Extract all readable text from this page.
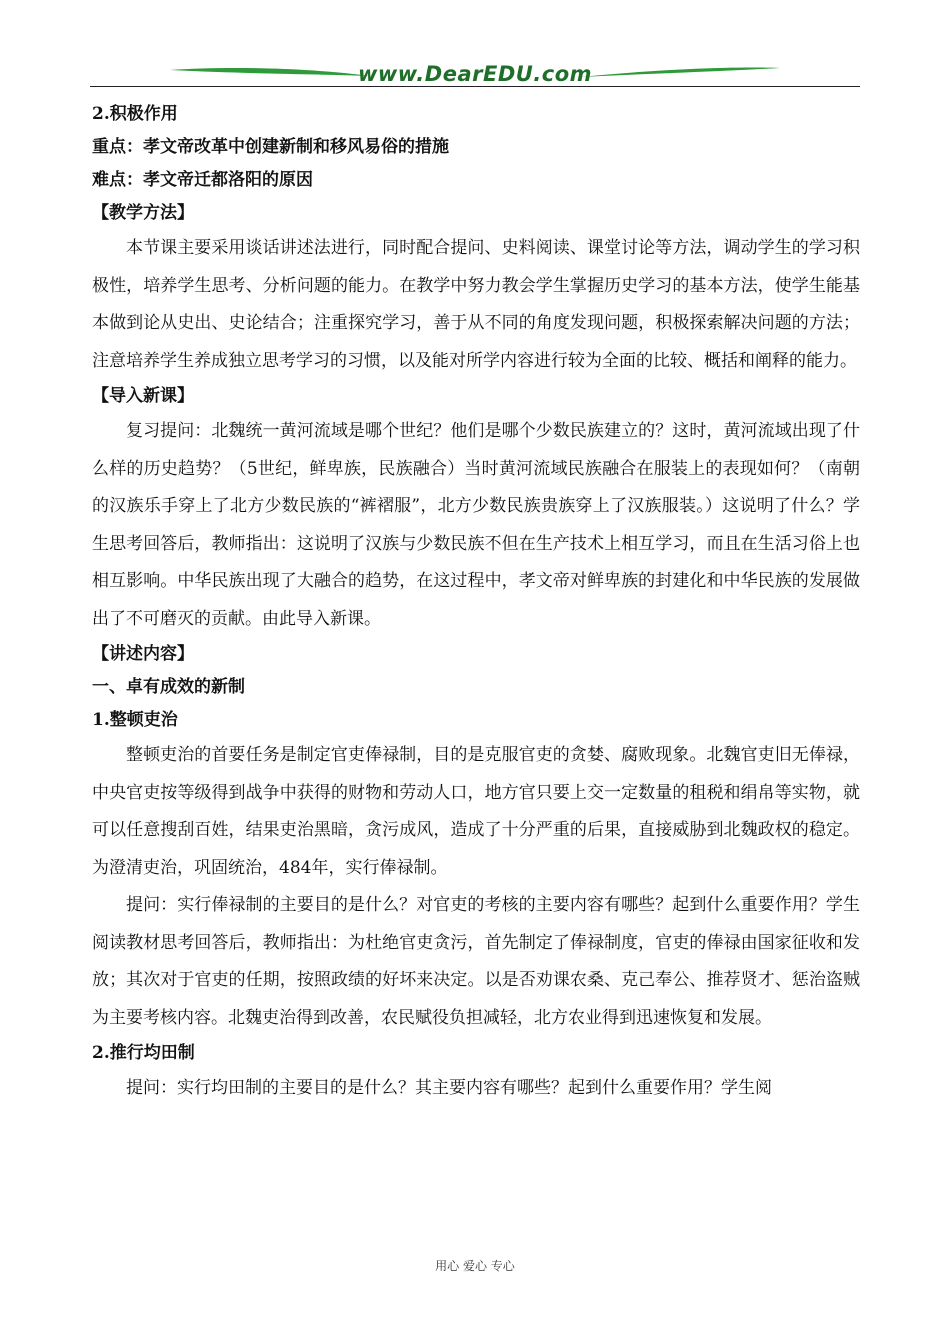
www.DearEDU.com

2.积极作用

重点：孝文帝改革中创建新制和移风易俗的措施

难点：孝文帝迁都洛阳的原因

【教学方法】

本节课主要采用谈话讲述法进行，同时配合提问、史料阅读、课堂讨论等方法，调动学生的学习积极性，培养学生思考、分析问题的能力。在教学中努力教会学生掌握历史学习的基本方法，使学生能基本做到论从史出、史论结合；注重探究学习，善于从不同的角度发现问题，积极探索解决问题的方法；注意培养学生养成独立思考学习的习惯，以及能对所学内容进行较为全面的比较、概括和阐释的能力。

【导入新课】

复习提问：北魏统一黄河流域是哪个世纪？他们是哪个少数民族建立的？这时，黄河流域出现了什么样的历史趋势？（5世纪，鲜卑族，民族融合）当时黄河流域民族融合在服装上的表现如何？（南朝的汉族乐手穿上了北方少数民族的“裤褶服”，北方少数民族贵族穿上了汉族服装。）这说明了什么？学生思考回答后，教师指出：这说明了汉族与少数民族不但在生产技术上相互学习，而且在生活习俗上也相互影响。中华民族出现了大融合的趋势，在这过程中，孝文帝对鲜卑族的封建化和中华民族的发展做出了不可磨灭的贡献。由此导入新课。

【讲述内容】

一、卓有成效的新制

1.整顿吏治

整顿吏治的首要任务是制定官吏俸禄制，目的是克服官吏的贪婪、腐败现象。北魏官吏旧无俸禄，中央官吏按等级得到战争中获得的财物和劳动人口，地方官只要上交一定数量的租税和绢帛等实物，就可以任意搜刮百姓，结果吏治黑暗，贪污成风，造成了十分严重的后果，直接威胁到北魏政权的稳定。为澄清吏治，巩固统治，484年，实行俸禄制。

提问：实行俸禄制的主要目的是什么？对官吏的考核的主要内容有哪些？起到什么重要作用？学生阅读教材思考回答后，教师指出：为杜绝官吏贪污，首先制定了俸禄制度，官吏的俸禄由国家征收和发放；其次对于官吏的任期，按照政绩的好坏来决定。以是否劝课农桑、克己奉公、推荐贤才、惩治盗贼为主要考核内容。北魏吏治得到改善，农民赋役负担减轻，北方农业得到迅速恢复和发展。

2.推行均田制

提问：实行均田制的主要目的是什么？其主要内容有哪些？起到什么重要作用？学生阅

用心 爱心 专心
